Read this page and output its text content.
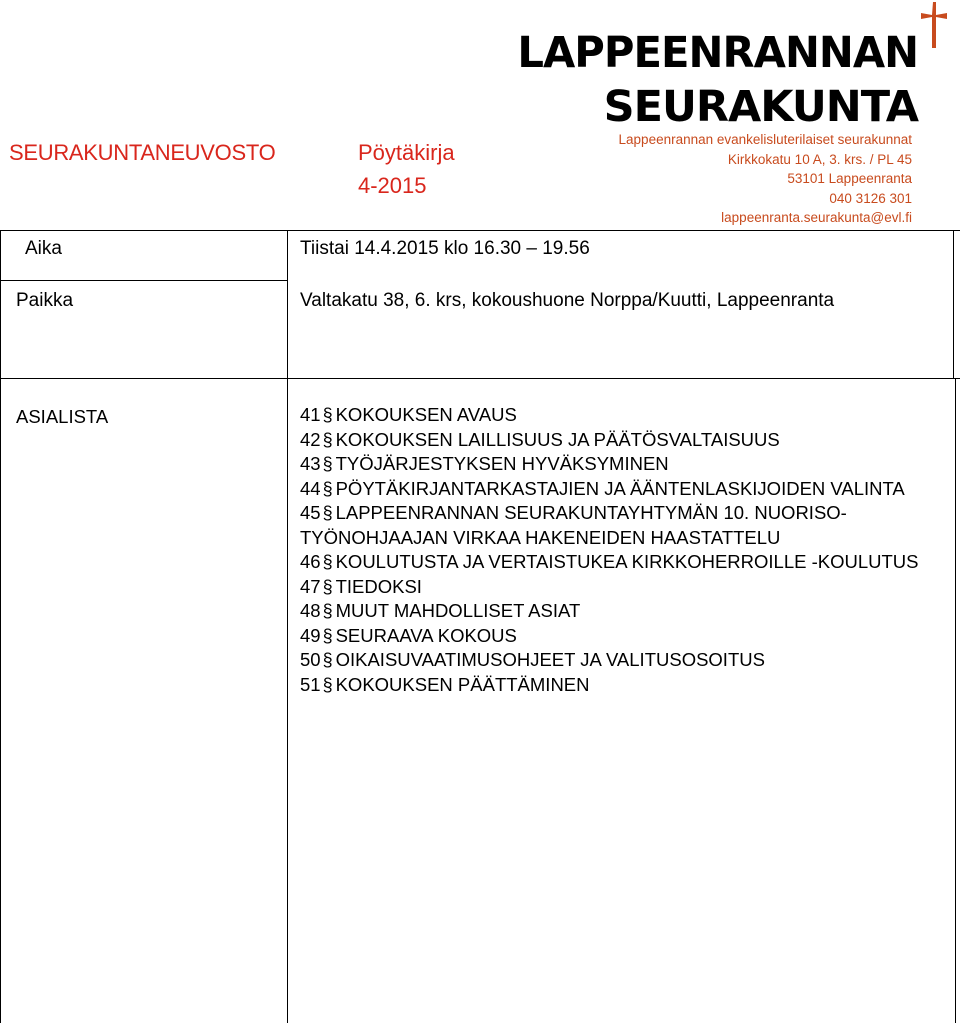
SEURAKUNTANEUVOSTO	Pöytäkirja
4-2015
LAPPEENRANNAN
SEURAKUNTA
Lappeenrannan evankelisluterilaiset seurakunnat
Kirkkokatu 10 A, 3. krs. / PL 45
53101 Lappeenranta
040 3126 301
lappeenranta.seurakunta@evl.fi
Aika	Tiistai 14.4.2015 klo 16.30 – 19.56
Paikka	Valtakatu 38, 6. krs, kokoushuone Norppa/Kuutti, Lappeenranta
ASIALISTA	41 § KOKOUKSEN AVAUS
42 § KOKOUKSEN LAILLISUUS JA PÄÄTÖSVALTAISUUS
43 § TYÖJÄRJESTYKSEN HYVÄKSYMINEN
44 § PÖYTÄKIRJANTARKASTAJIEN JA ÄÄNTENLASKIJOIDEN VALINTA
45 § LAPPEENRANNAN SEURAKUNTAYHTYMÄN 10. NUORISO-TYÖNOHJAAJAN VIRKAA HAKENEIDEN HAASTATTELU
46 § KOULUTUSTA JA VERTAISTUKEA KIRKKOHERROILLE -KOULUTUS
47 § TIEDOKSI
48 § MUUT MAHDOLLISET ASIAT
49 § SEURAAVA KOKOUS
50 § OIKAISUVAATIMUSOHJEET JA VALITUSOSOITUS
51 § KOKOUKSEN PÄÄTTÄMINEN
